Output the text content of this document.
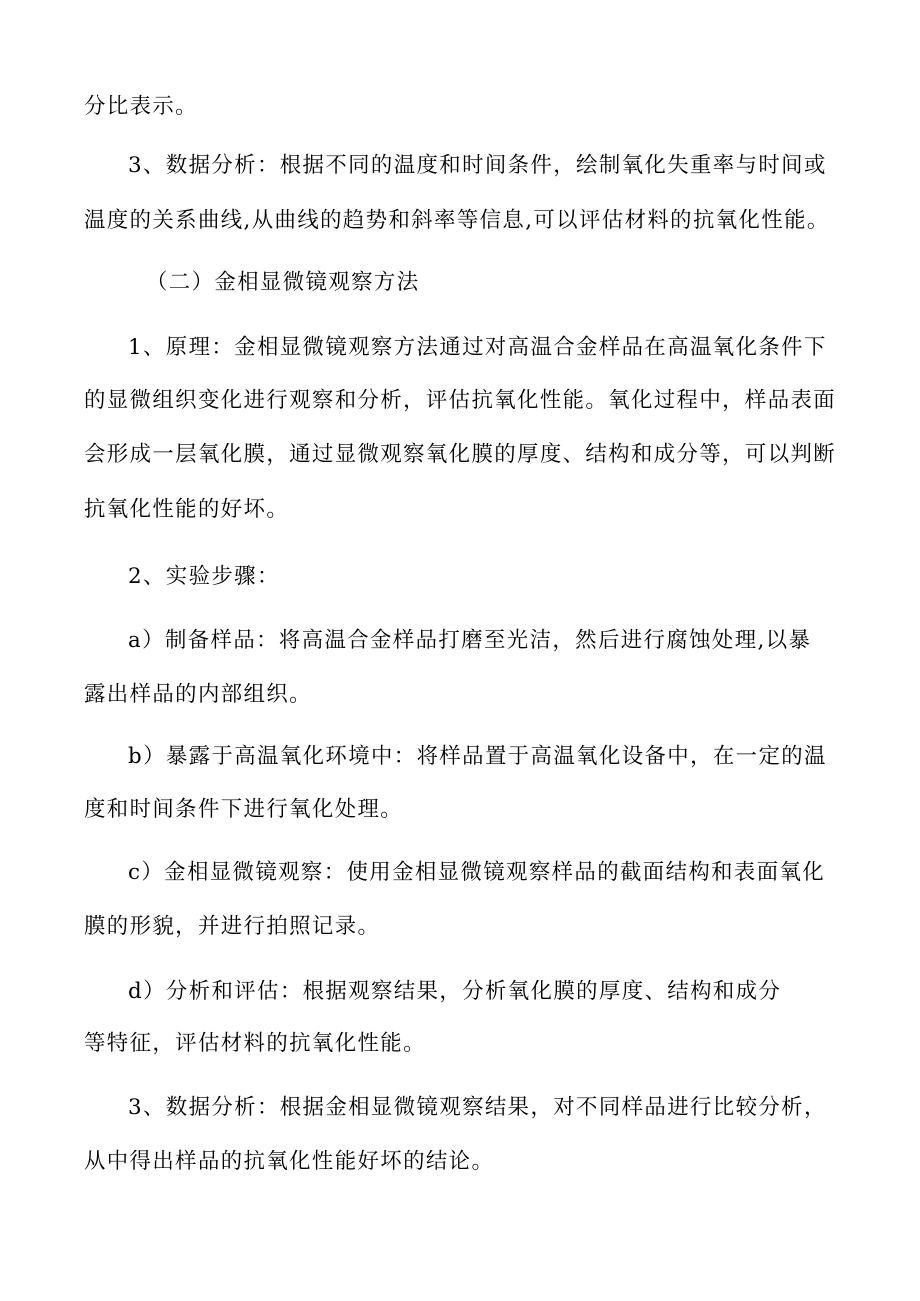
分比表示。
3、数据分析：根据不同的温度和时间条件，绘制氧化失重率与时间或
温度的关系曲线,从曲线的趋势和斜率等信息,可以评估材料的抗氧化性能。
（二）金相显微镜观察方法
1、原理：金相显微镜观察方法通过对高温合金样品在高温氧化条件下
的显微组织变化进行观察和分析，评估抗氧化性能。氧化过程中，样品表面
会形成一层氧化膜，通过显微观察氧化膜的厚度、结构和成分等，可以判断
抗氧化性能的好坏。
2、实验步骤：
a）制备样品：将高温合金样品打磨至光洁，然后进行腐蚀处理,以暴
露出样品的内部组织。
b）暴露于高温氧化环境中：将样品置于高温氧化设备中，在一定的温
度和时间条件下进行氧化处理。
c）金相显微镜观察：使用金相显微镜观察样品的截面结构和表面氧化
膜的形貌，并进行拍照记录。
d）分析和评估：根据观察结果，分析氧化膜的厚度、结构和成分
等特征，评估材料的抗氧化性能。
3、数据分析：根据金相显微镜观察结果，对不同样品进行比较分析，
从中得出样品的抗氧化性能好坏的结论。
